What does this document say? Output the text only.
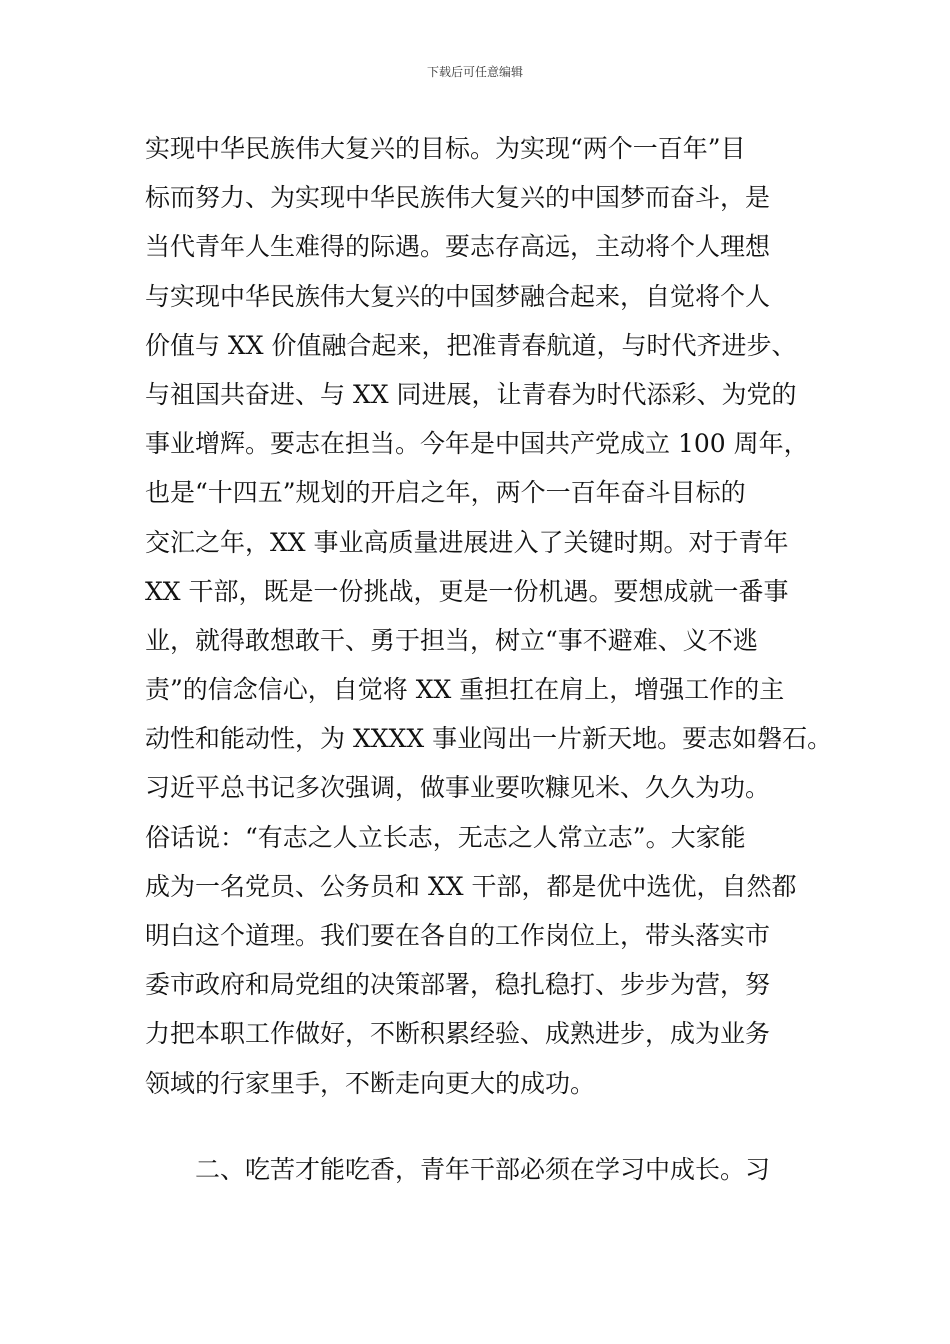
下载后可任意编辑
实现中华民族伟大复兴的目标。为实现“两个一百年”目
标而努力、为实现中华民族伟大复兴的中国梦而奋斗，是
当代青年人生难得的际遇。要志存高远，主动将个人理想
与实现中华民族伟大复兴的中国梦融合起来，自觉将个人
价值与 XX 价值融合起来，把准青春航道，与时代齐进步、
与祖国共奋进、与 XX 同进展，让青春为时代添彩、为党的
事业增辉。要志在担当。今年是中国共产党成立 100 周年，
也是“十四五”规划的开启之年，两个一百年奋斗目标的
交汇之年，XX 事业高质量进展进入了关键时期。对于青年
XX 干部，既是一份挑战，更是一份机遇。要想成就一番事
业，就得敢想敢干、勇于担当，树立“事不避难、义不逃
责”的信念信心，自觉将 XX 重担扛在肩上，增强工作的主
动性和能动性，为 XXXX 事业闯出一片新天地。要志如磐石。
习近平总书记多次强调，做事业要吹糠见米、久久为功。
俗话说：“有志之人立长志，无志之人常立志”。大家能
成为一名党员、公务员和 XX 干部，都是优中选优，自然都
明白这个道理。我们要在各自的工作岗位上，带头落实市
委市政府和局党组的决策部署，稳扎稳打、步步为营，努
力把本职工作做好，不断积累经验、成熟进步，成为业务
领域的行家里手，不断走向更大的成功。
二、吃苦才能吃香，青年干部必须在学习中成长。习
